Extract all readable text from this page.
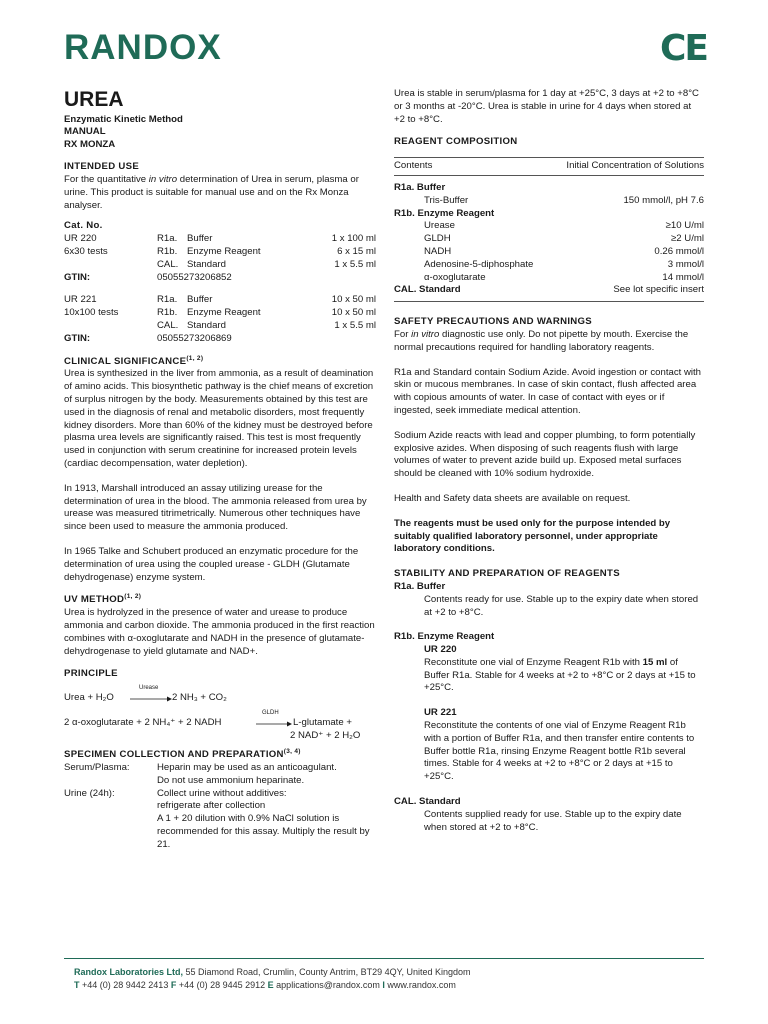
RANDOX	CE
UREA
Enzymatic Kinetic Method
MANUAL
RX MONZA
INTENDED USE

For the quantitative in vitro determination of Urea in serum, plasma or urine. This product is suitable for manual use and on the Rx Monza analyser.

Cat. No.
UR 220	R1a. Buffer	1 x 100 ml
6x30 tests	R1b. Enzyme Reagent	6 x 15 ml
CAL. Standard	1 x 5.5 ml
GTIN:	05055273206852
UR 221	R1a. Buffer	10 x 50 ml
10x100 tests	R1b. Enzyme Reagent	10 x 50 ml
CAL. Standard	1 x 5.5 ml
GTIN:	05055273206869
CLINICAL SIGNIFICANCE$^{(1, 2)}$

Urea is synthesized in the liver from ammonia, as a result of deamination of amino acids. This biosynthetic pathway is the chief means of excretion of surplus nitrogen by the body. Measurements obtained by this test are used in the diagnosis of renal and metabolic disorders, most frequently kidney disorders. More than 60% of the kidney must be destroyed before plasma urea levels are significantly raised. This test is most frequently used in conjunction with serum creatinine for increased protein levels (cardiac decompensation, water depletion).

In 1913, Marshall introduced an assay utilizing urease for the determination of urea in the blood. The ammonia released from urea by urease was measured titrimetrically. Numerous other techniques have since been used to measure the ammonia produced.

In 1965 Talke and Schubert produced an enzymatic procedure for the determination of urea using the coupled urease - GLDH (Glutamate dehydrogenase) enzyme system.

UV METHOD$^{(1, 2)}$

Urea is hydrolyzed in the presence of water and urease to produce ammonia and carbon dioxide. The ammonia produced in the first reaction combines with α-oxoglutarate and NADH in the presence of glutamate-dehydrogenase to yield glutamate and NAD+.

PRINCIPLE
Urea + H₂O
Urease
2 NH₃ + CO₂
2 α-oxoglutarate + 2 NH₄⁺ + 2 NADH
GLDH
→ L-glutamate +
2 NAD⁺ + 2 H₂O
SPECIMEN COLLECTION AND PREPARATION$^{(3, 4)}$
Serum/Plasma:	Heparin may be used as an anticoagulant.
Do not use ammonium heparinate.
Urine (24h):	Collect urine without additives:
refrigerate after collection
A 1 + 20 dilution with 0.9% NaCl solution is recommended for this assay. Multiply the result by 21.

Urea is stable in serum/plasma for 1 day at +25°C, 3 days at +2 to +8°C or 3 months at -20°C. Urea is stable in urine for 4 days when stored at +2 to +8°C.

REAGENT COMPOSITION
Contents	Initial Concentration of Solutions
R1a. Buffer
Tris-Buffer	150 mmol/l, pH 7.6
R1b. Enzyme Reagent
Urease	≥10 U/ml
GLDH	≥2 U/ml
NADH	0.26 mmol/l
Adenosine-5-diphosphate	3 mmol/l
α-oxoglutarate	14 mmol/l
CAL. Standard	See lot specific insert
SAFETY PRECAUTIONS AND WARNINGS

For in vitro diagnostic use only. Do not pipette by mouth. Exercise the normal precautions required for handling laboratory reagents.

R1a and Standard contain Sodium Azide. Avoid ingestion or contact with skin or mucous membranes. In case of skin contact, flush affected area with copious amounts of water. In case of contact with eyes or if ingested, seek immediate medical attention.

Sodium Azide reacts with lead and copper plumbing, to form potentially explosive azides. When disposing of such reagents flush with large volumes of water to prevent azide build up. Exposed metal surfaces should be cleaned with 10% sodium hydroxide.

Health and Safety data sheets are available on request.

The reagents must be used only for the purpose intended by suitably qualified laboratory personnel, under appropriate laboratory conditions.

STABILITY AND PREPARATION OF REAGENTS
R1a. Buffer

Contents ready for use. Stable up to the expiry date when stored at +2 to +8°C.

R1b. Enzyme Reagent
UR 220

Reconstitute one vial of Enzyme Reagent R1b with 15 ml of Buffer R1a. Stable for 4 weeks at +2 to +8°C or 2 days at +15 to +25°C.

UR 221

Reconstitute the contents of one vial of Enzyme Reagent R1b with a portion of Buffer R1a, and then transfer entire contents to Buffer bottle R1a, rinsing Enzyme Reagent bottle R1b several times. Stable for 4 weeks at +2 to +8°C or 2 days at +15 to +25°C.

CAL. Standard

Contents supplied ready for use. Stable up to the expiry date when stored at +2 to +8°C.

Randox Laboratories Ltd, 55 Diamond Road, Crumlin, County Antrim, BT29 4QY, United Kingdom
T +44 (0) 28 9442 2413 F +44 (0) 28 9445 2912 E applications@randox.com I www.randox.com
